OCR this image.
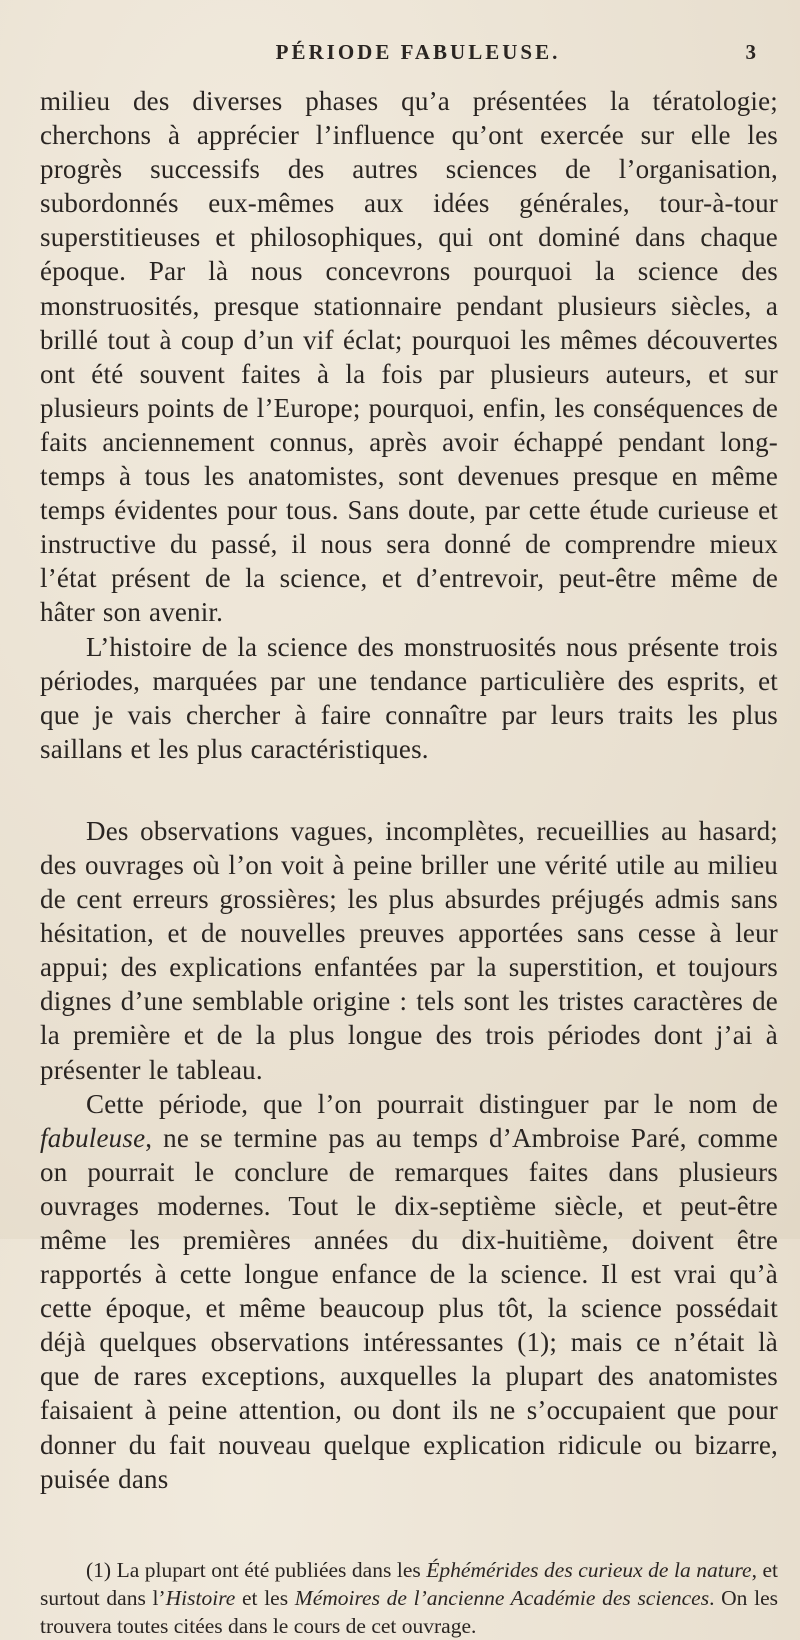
PÉRIODE FABULEUSE.	3

milieu des diverses phases qu’a présentées la tératologie; cherchons à apprécier l’influence qu’ont exercée sur elle les progrès successifs des autres sciences de l’organisation, subordonnés eux-mêmes aux idées générales, tour-à-tour superstitieuses et philosophiques, qui ont dominé dans chaque époque. Par là nous concevrons pourquoi la science des monstruosités, presque stationnaire pendant plusieurs siècles, a brillé tout à coup d’un vif éclat; pourquoi les mêmes découvertes ont été souvent faites à la fois par plusieurs auteurs, et sur plusieurs points de l’Europe; pourquoi, enfin, les conséquences de faits anciennement connus, après avoir échappé pendant long-temps à tous les anatomistes, sont devenues presque en même temps évidentes pour tous. Sans doute, par cette étude curieuse et instructive du passé, il nous sera donné de comprendre mieux l’état présent de la science, et d’entrevoir, peut-être même de hâter son avenir.

L’histoire de la science des monstruosités nous présente trois périodes, marquées par une tendance particulière des esprits, et que je vais chercher à faire connaître par leurs traits les plus saillans et les plus caractéristiques.

Des observations vagues, incomplètes, recueillies au hasard; des ouvrages où l’on voit à peine briller une vérité utile au milieu de cent erreurs grossières; les plus absurdes préjugés admis sans hésitation, et de nouvelles preuves apportées sans cesse à leur appui; des explications enfantées par la superstition, et toujours dignes d’une semblable origine : tels sont les tristes caractères de la première et de la plus longue des trois périodes dont j’ai à présenter le tableau.

Cette période, que l’on pourrait distinguer par le nom de fabuleuse, ne se termine pas au temps d’Ambroise Paré, comme on pourrait le conclure de remarques faites dans plusieurs ouvrages modernes. Tout le dix-septième siècle, et peut-être même les premières années du dix-huitième, doivent être rapportés à cette longue enfance de la science. Il est vrai qu’à cette époque, et même beaucoup plus tôt, la science possédait déjà quelques observations intéressantes (1); mais ce n’était là que de rares exceptions, auxquelles la plupart des anatomistes faisaient à peine attention, ou dont ils ne s’occupaient que pour donner du fait nouveau quelque explication ridicule ou bizarre, puisée dans

(1) La plupart ont été publiées dans les Éphémérides des curieux de la nature, et surtout dans l’Histoire et les Mémoires de l’ancienne Académie des sciences. On les trouvera toutes citées dans le cours de cet ouvrage.
